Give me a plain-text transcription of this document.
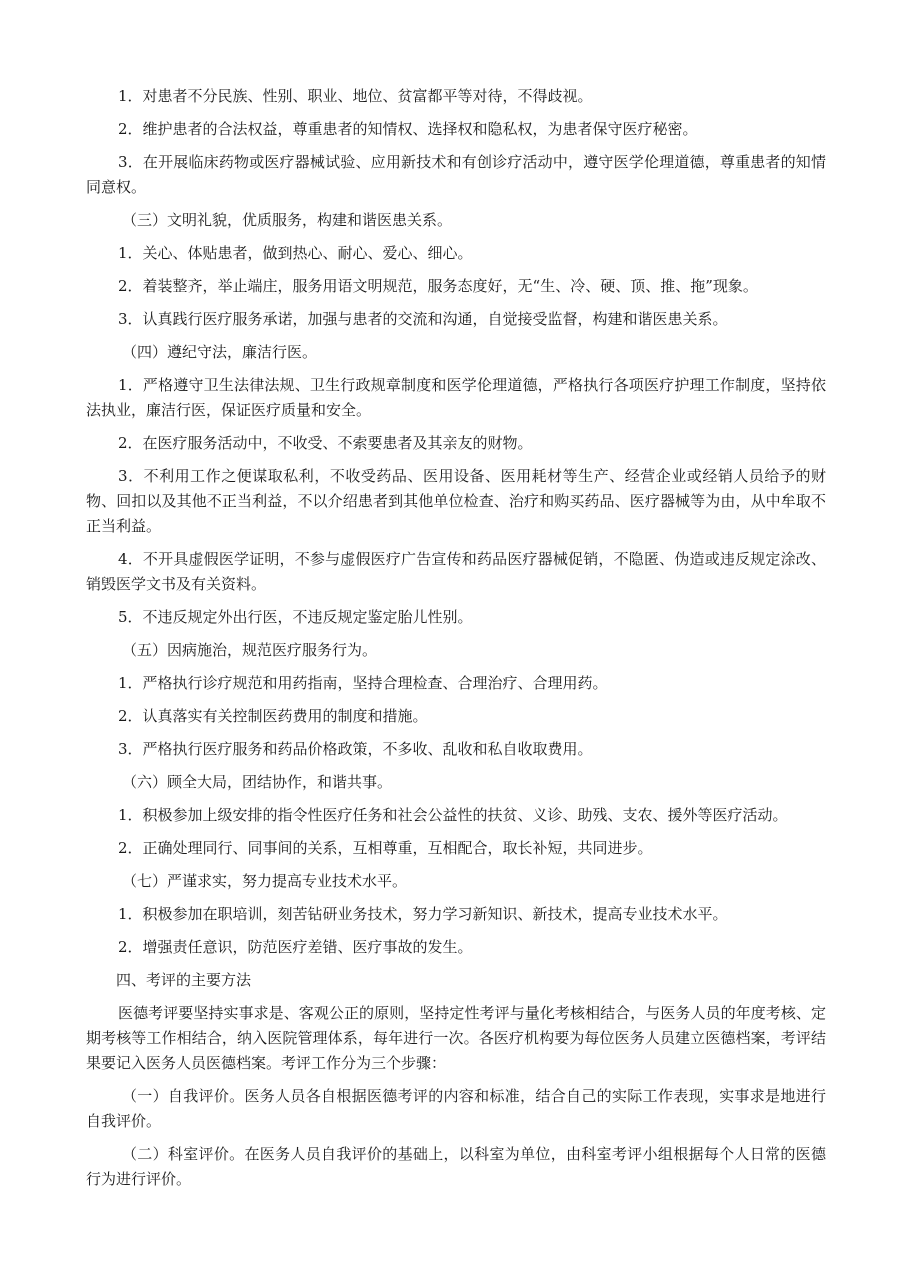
1．对患者不分民族、性别、职业、地位、贫富都平等对待，不得歧视。

2．维护患者的合法权益，尊重患者的知情权、选择权和隐私权，为患者保守医疗秘密。

3．在开展临床药物或医疗器械试验、应用新技术和有创诊疗活动中，遵守医学伦理道德，尊重患者的知情同意权。

（三）文明礼貌，优质服务，构建和谐医患关系。

1．关心、体贴患者，做到热心、耐心、爱心、细心。

2．着装整齐，举止端庄，服务用语文明规范，服务态度好，无“生、冷、硬、顶、推、拖”现象。

3．认真践行医疗服务承诺，加强与患者的交流和沟通，自觉接受监督，构建和谐医患关系。

（四）遵纪守法，廉洁行医。

1．严格遵守卫生法律法规、卫生行政规章制度和医学伦理道德，严格执行各项医疗护理工作制度，坚持依法执业，廉洁行医，保证医疗质量和安全。

2．在医疗服务活动中，不收受、不索要患者及其亲友的财物。

3．不利用工作之便谋取私利，不收受药品、医用设备、医用耗材等生产、经营企业或经销人员给予的财物、回扣以及其他不正当利益，不以介绍患者到其他单位检查、治疗和购买药品、医疗器械等为由，从中牟取不正当利益。

4．不开具虚假医学证明，不参与虚假医疗广告宣传和药品医疗器械促销，不隐匿、伪造或违反规定涂改、销毁医学文书及有关资料。

5．不违反规定外出行医，不违反规定鉴定胎儿性别。

（五）因病施治，规范医疗服务行为。

1．严格执行诊疗规范和用药指南，坚持合理检查、合理治疗、合理用药。

2．认真落实有关控制医药费用的制度和措施。

3．严格执行医疗服务和药品价格政策，不多收、乱收和私自收取费用。

（六）顾全大局，团结协作，和谐共事。

1．积极参加上级安排的指令性医疗任务和社会公益性的扶贫、义诊、助残、支农、援外等医疗活动。

2．正确处理同行、同事间的关系，互相尊重，互相配合，取长补短，共同进步。

（七）严谨求实，努力提高专业技术水平。

1．积极参加在职培训，刻苦钻研业务技术，努力学习新知识、新技术，提高专业技术水平。

2．增强责任意识，防范医疗差错、医疗事故的发生。

四、考评的主要方法

医德考评要坚持实事求是、客观公正的原则，坚持定性考评与量化考核相结合，与医务人员的年度考核、定期考核等工作相结合，纳入医院管理体系，每年进行一次。各医疗机构要为每位医务人员建立医德档案，考评结果要记入医务人员医德档案。考评工作分为三个步骤：

（一）自我评价。医务人员各自根据医德考评的内容和标准，结合自己的实际工作表现，实事求是地进行自我评价。

（二）科室评价。在医务人员自我评价的基础上，以科室为单位，由科室考评小组根据每个人日常的医德行为进行评价。
